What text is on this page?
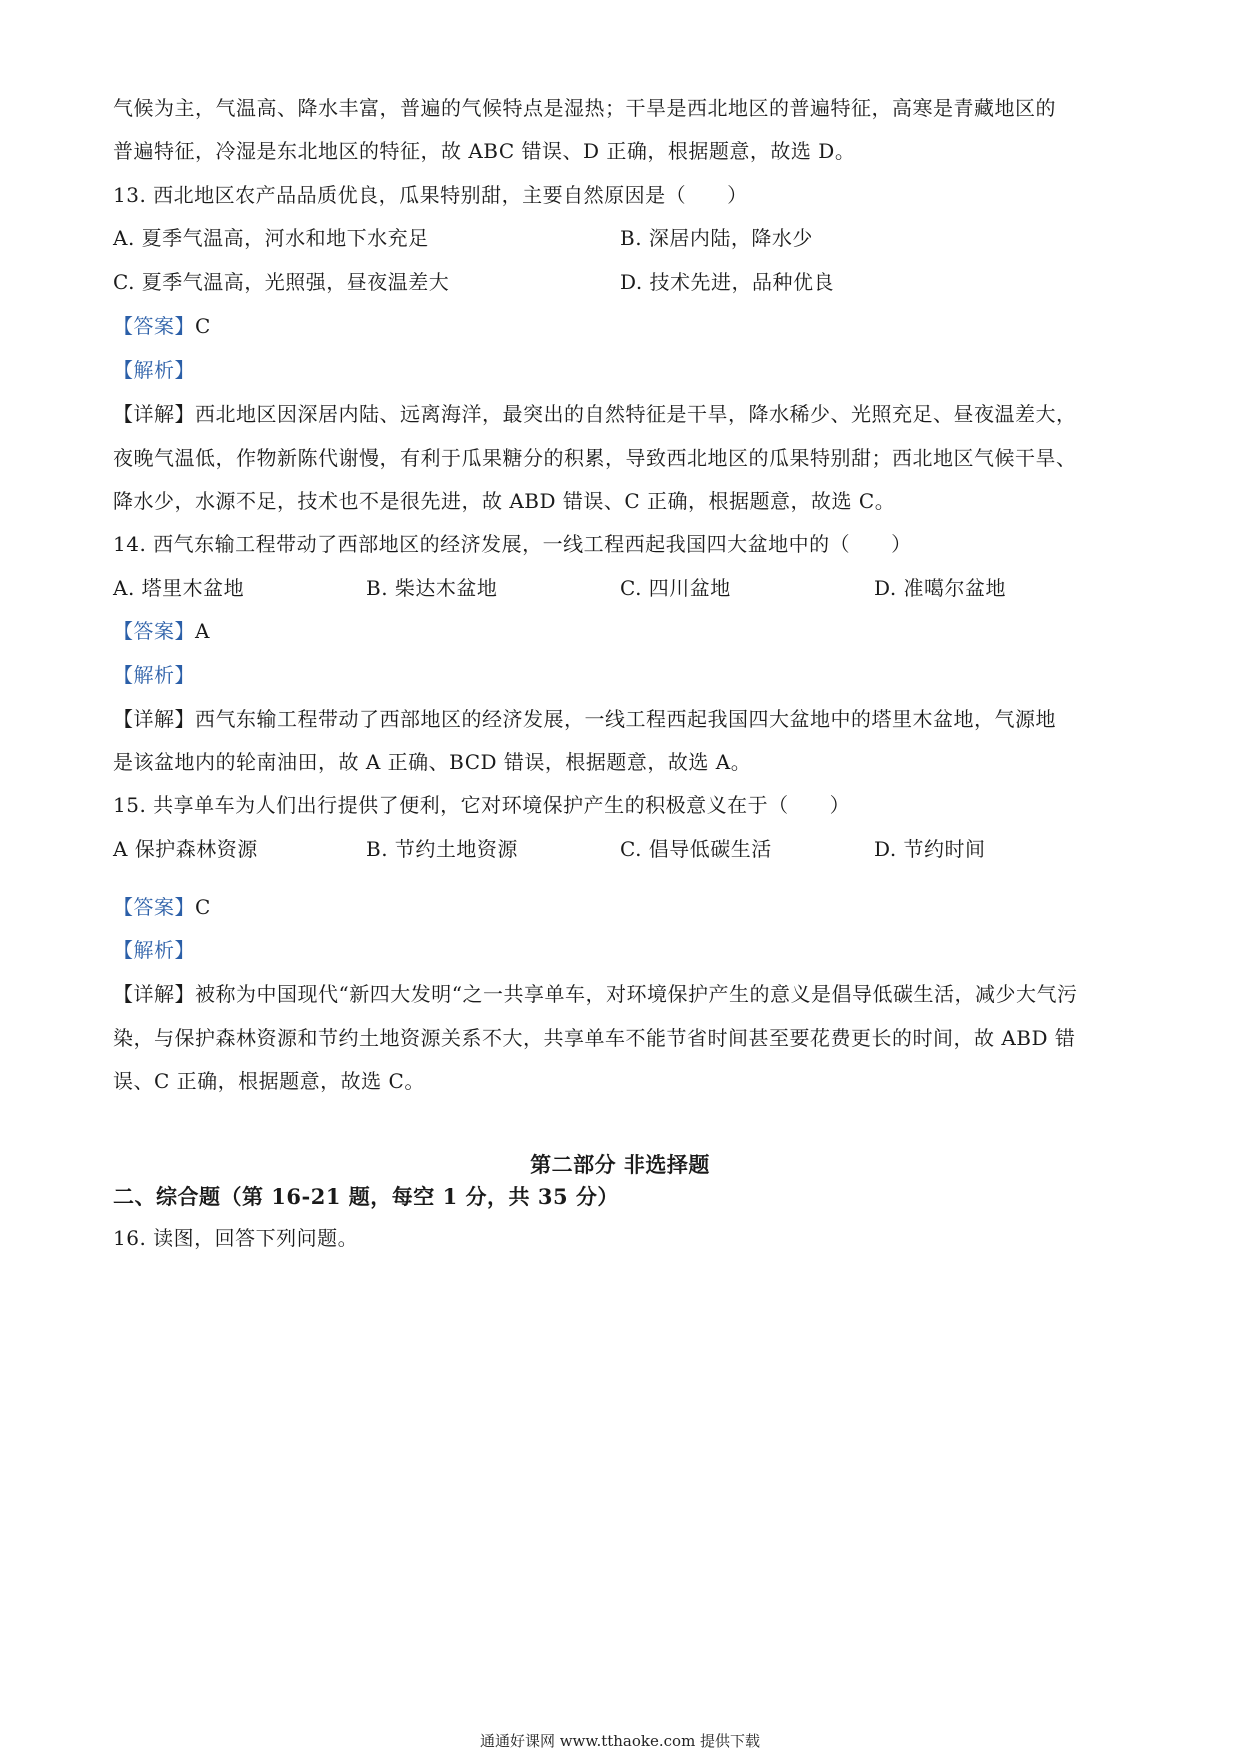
气候为主，气温高、降水丰富，普遍的气候特点是湿热；干旱是西北地区的普遍特征，高寒是青藏地区的
普遍特征，冷湿是东北地区的特征，故 ABC 错误、D 正确，根据题意，故选 D。
13. 西北地区农产品品质优良，瓜果特别甜，主要自然原因是（　　）
A. 夏季气温高，河水和地下水充足	B. 深居内陆，降水少
C. 夏季气温高，光照强，昼夜温差大	D. 技术先进，品种优良
【答案】C
【解析】
【详解】西北地区因深居内陆、远离海洋，最突出的自然特征是干旱，降水稀少、光照充足、昼夜温差大，
夜晚气温低，作物新陈代谢慢，有利于瓜果糖分的积累，导致西北地区的瓜果特别甜；西北地区气候干旱、
降水少，水源不足，技术也不是很先进，故 ABD 错误、C 正确，根据题意，故选 C。
14. 西气东输工程带动了西部地区的经济发展，一线工程西起我国四大盆地中的（　　）
A. 塔里木盆地	B. 柴达木盆地	C. 四川盆地	D. 准噶尔盆地
【答案】A
【解析】
【详解】西气东输工程带动了西部地区的经济发展，一线工程西起我国四大盆地中的塔里木盆地，气源地
是该盆地内的轮南油田，故 A 正确、BCD 错误，根据题意，故选 A。
15. 共享单车为人们出行提供了便利，它对环境保护产生的积极意义在于（　　）
A 保护森林资源	B. 节约土地资源	C. 倡导低碳生活	D. 节约时间
【答案】C
【解析】
【详解】被称为中国现代“新四大发明“之一共享单车，对环境保护产生的意义是倡导低碳生活，减少大气污
染，与保护森林资源和节约土地资源关系不大，共享单车不能节省时间甚至要花费更长的时间，故 ABD 错
误、C 正确，根据题意，故选 C。
第二部分 非选择题
二、综合题（第 16-21 题，每空 1 分，共 35 分）
16. 读图，回答下列问题。
通通好课网 www.tthaoke.com 提供下载
